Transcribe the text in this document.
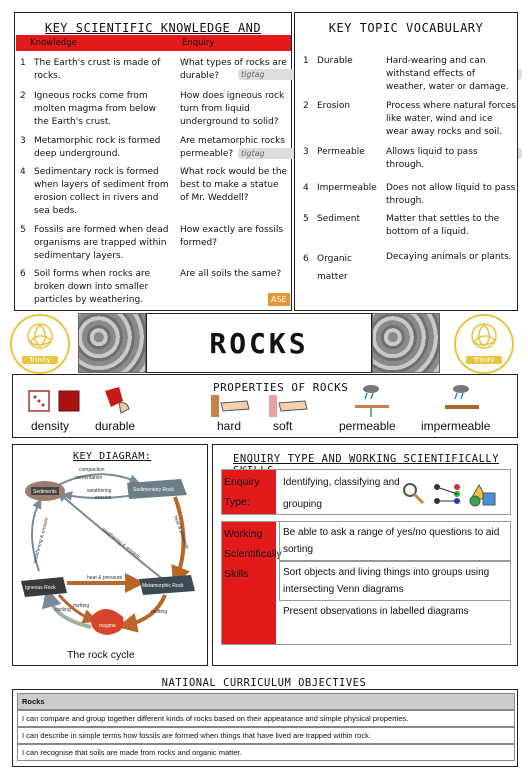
KEY SCIENTIFIC KNOWLEDGE AND
Knowledge	Enquiry
1 The Earth's crust is made of rocks.
What types of rocks are durable?	tigtag
2 Igneous rocks come from molten magma from below the Earth's crust.
How does igneous rock turn from liquid underground to solid?
3 Metamorphic rock is formed deep underground.
Are metamorphic rocks permeable? tigtag
4 Sedimentary rock is formed when layers of sediment from erosion collect in rivers and sea beds.
What rock would be the best to make a statue of Mr. Weddell?
5 Fossils are formed when dead organisms are trapped within sedimentary layers.
How exactly are fossils formed?
6 Soil forms when rocks are broken down into smaller particles by weathering.
Are all soils the same?
ASE
KEY TOPIC VOCABULARY
1 Durable	Hard-wearing and can withstand effects of weather, water or damage.
2 Erosion	Process where natural forces like water, wind and ice wear away rocks and soil.
3 Permeable	Allows liquid to pass through.
4 Impermeable	Does not allow liquid to pass through.
5 Sediment	Matter that settles to the bottom of a liquid.
6 Organic matter
Decaying animals or plants.
Trinity
ROCKS
Trinity
PROPERTIES OF ROCKS
density durable	hard	soft	permeable impermeable
KEY DIAGRAM:
Sediments	Sedimentary Rock
Igneous Rock	Metamorphic Rock
magma
compaction
cementation
weathering
erosion
heat & pressure
weathering & erosion
weathering & erosion
heat & pressure
melting
cooling
melting
The rock cycle
ENQUIRY TYPE AND WORKING SCIENTIFICALLY
Enquiry Type:
Identifying, classifying and grouping
Working Scientifically Skills
Be able to ask a range of yes/no questions to aid sorting
Sort objects and living things into groups using intersecting Venn diagrams
Present observations in labelled diagrams
NATIONAL CURRICULUM OBJECTIVES
Rocks
I can compare and group together different kinds of rocks based on their appearance and simple physical properties.
I can describe in simple terms how fossils are formed when things that have lived are trapped within rock.
I can recognise that soils are made from rocks and organic matter.
